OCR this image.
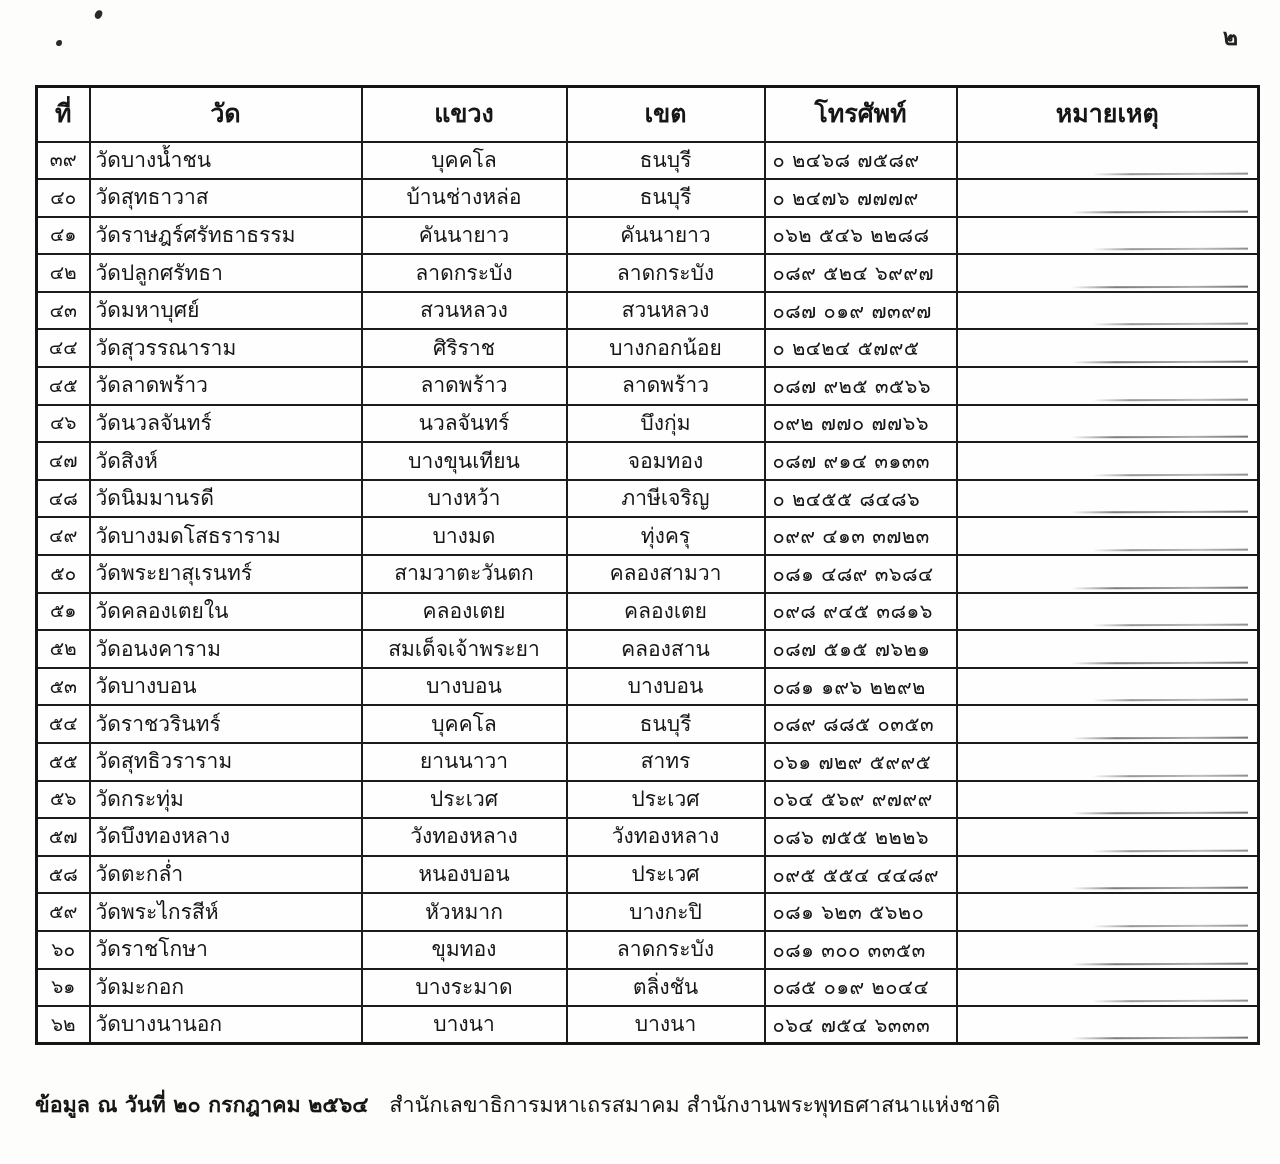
๒
ที่	วัด	แขวง	เขต	โทรศัพท์	หมายเหตุ
๓๙	วัดบางน้ำชน	บุคคโล	ธนบุรี	๐ ๒๔๖๘ ๗๕๘๙	
๔๐	วัดสุทธาวาส	บ้านช่างหล่อ	ธนบุรี	๐ ๒๔๗๖ ๗๗๗๙	
๔๑	วัดราษฎร์ศรัทธาธรรม	คันนายาว	คันนายาว	๐๖๒ ๕๔๖ ๒๒๘๘	
๔๒	วัดปลูกศรัทธา	ลาดกระบัง	ลาดกระบัง	๐๘๙ ๕๒๔ ๖๙๙๗	
๔๓	วัดมหาบุศย์	สวนหลวง	สวนหลวง	๐๘๗ ๐๑๙ ๗๓๙๗	
๔๔	วัดสุวรรณาราม	ศิริราช	บางกอกน้อย	๐ ๒๔๒๔ ๕๗๙๕	
๔๕	วัดลาดพร้าว	ลาดพร้าว	ลาดพร้าว	๐๘๗ ๙๒๕ ๓๕๖๖	
๔๖	วัดนวลจันทร์	นวลจันทร์	บึงกุ่ม	๐๙๒ ๗๗๐ ๗๗๖๖	
๔๗	วัดสิงห์	บางขุนเทียน	จอมทอง	๐๘๗ ๙๑๔ ๓๑๓๓	
๔๘	วัดนิมมานรดี	บางหว้า	ภาษีเจริญ	๐ ๒๔๕๕ ๘๔๘๖	
๔๙	วัดบางมดโสธราราม	บางมด	ทุ่งครุ	๐๙๙ ๔๑๓ ๓๗๒๓	
๕๐	วัดพระยาสุเรนทร์	สามวาตะวันตก	คลองสามวา	๐๘๑ ๔๘๙ ๓๖๘๔	
๕๑	วัดคลองเตยใน	คลองเตย	คลองเตย	๐๙๘ ๙๔๕ ๓๘๑๖	
๕๒	วัดอนงคาราม	สมเด็จเจ้าพระยา	คลองสาน	๐๘๗ ๕๑๕ ๗๖๒๑	
๕๓	วัดบางบอน	บางบอน	บางบอน	๐๘๑ ๑๙๖ ๒๒๙๒	
๕๔	วัดราชวรินทร์	บุคคโล	ธนบุรี	๐๘๙ ๘๘๕ ๐๓๕๓	
๕๕	วัดสุทธิวราราม	ยานนาวา	สาทร	๐๖๑ ๗๒๙ ๕๙๙๕	
๕๖	วัดกระทุ่ม	ประเวศ	ประเวศ	๐๖๔ ๕๖๙ ๙๗๙๙	
๕๗	วัดบึงทองหลาง	วังทองหลาง	วังทองหลาง	๐๘๖ ๗๕๕ ๒๒๒๖	
๕๘	วัดตะกล่ำ	หนองบอน	ประเวศ	๐๙๕ ๕๕๔ ๔๔๘๙	
๕๙	วัดพระไกรสีห์	หัวหมาก	บางกะปิ	๐๘๑ ๖๒๓ ๕๖๒๐	
๖๐	วัดราชโกษา	ขุมทอง	ลาดกระบัง	๐๘๑ ๓๐๐ ๓๓๕๓	
๖๑	วัดมะกอก	บางระมาด	ตลิ่งชัน	๐๘๕ ๐๑๙ ๒๐๔๔	
๖๒	วัดบางนานอก	บางนา	บางนา	๐๖๔ ๗๕๔ ๖๓๓๓	
ข้อมูล ณ วันที่ ๒๐ กรกฎาคม ๒๕๖๔ สำนักเลขาธิการมหาเถรสมาคม สำนักงานพระพุทธศาสนาแห่งชาติ
